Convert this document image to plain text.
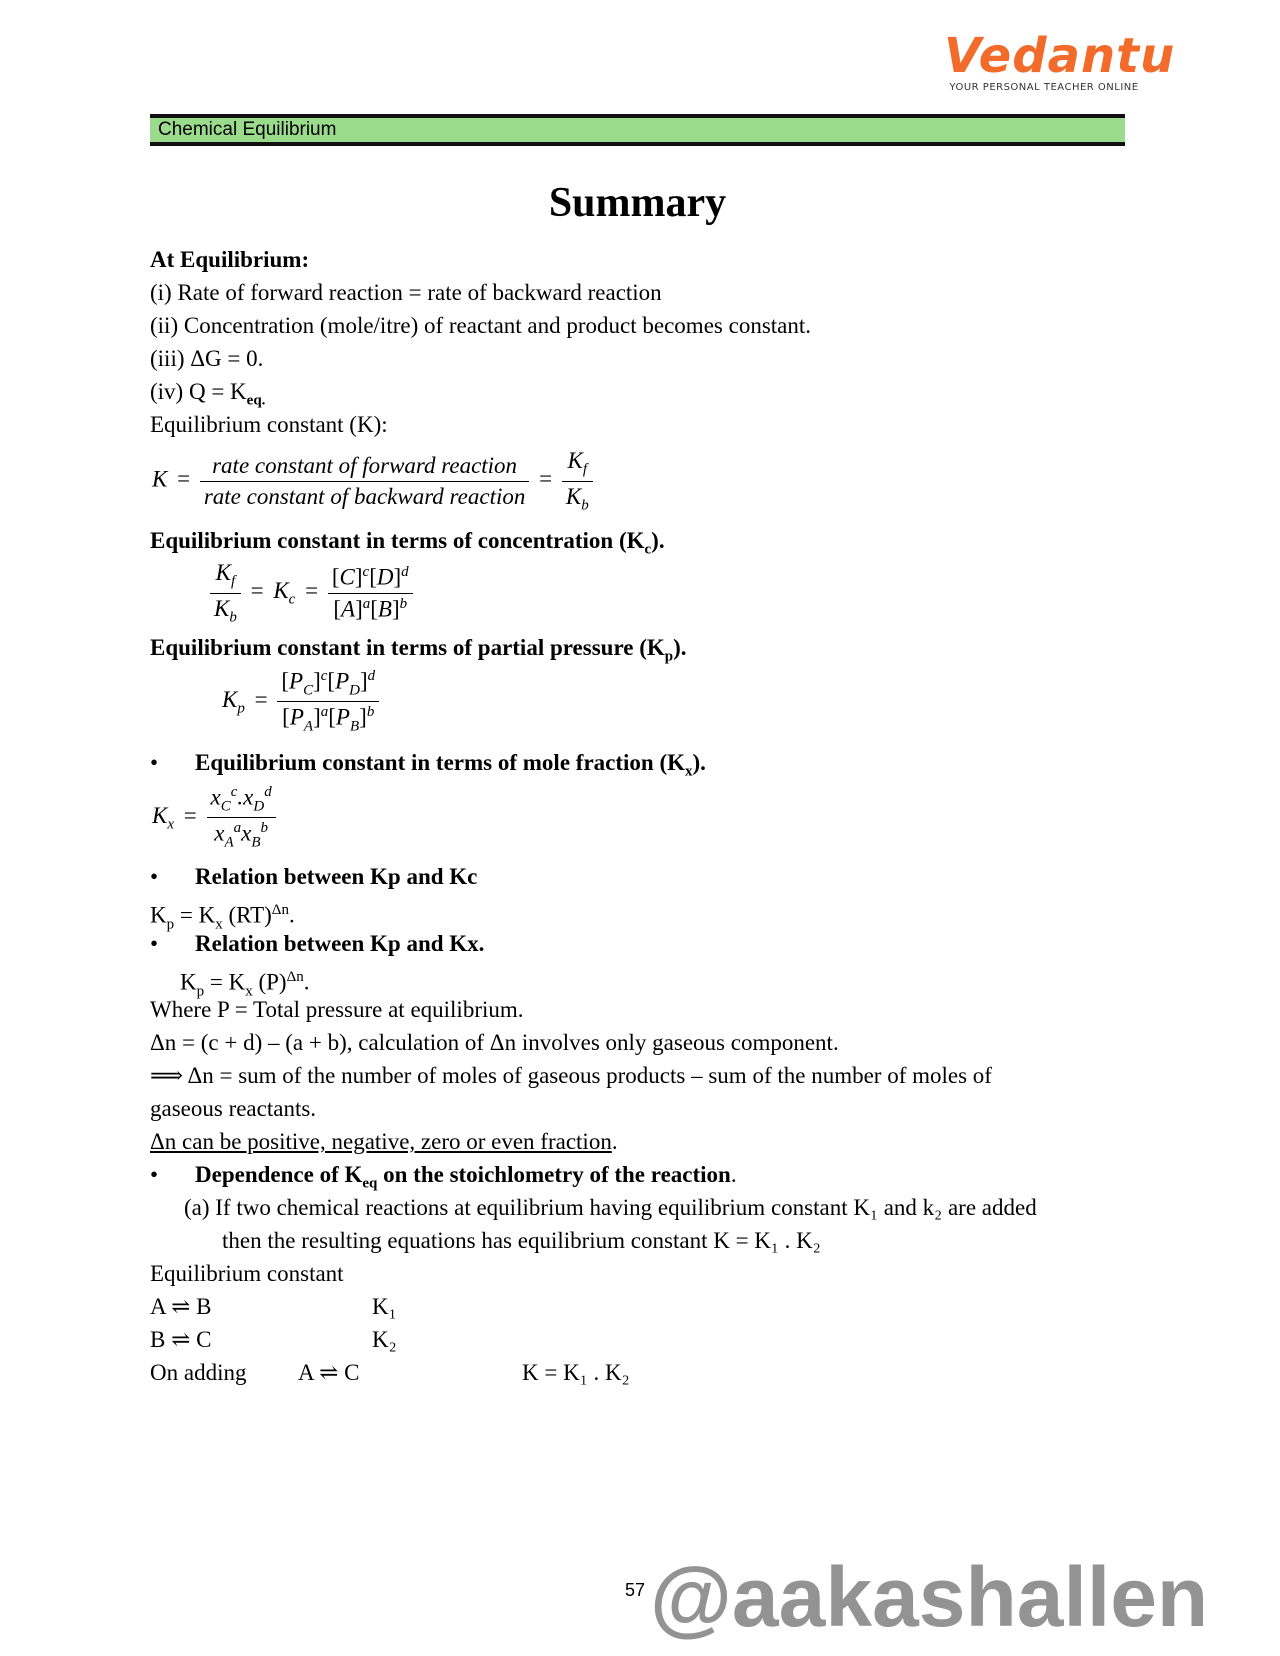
Vedantu
YOUR PERSONAL TEACHER ONLINE
Chemical Equilibrium
Summary
At Equilibrium:
(i) Rate of forward reaction = rate of backward reaction
(ii) Concentration (mole/itre) of reactant and product becomes constant.
(iii) ΔG = 0.
(iv) $Q = K_{eq.}$
Equilibrium constant (K):
$K = \frac{\text{rate constant of forward reaction}}{\text{rate constant of backward reaction}} = \frac{K_f}{K_b}$
Equilibrium constant in terms of concentration $(K_c)$.
$\frac{K_f}{K_b} = K_c = \frac{[C]^c[D]^d}{[A]^a[B]^b}$
Equilibrium constant in terms of partial pressure $(K_p)$.
$K_p = \frac{[P_C]^c[P_D]^d}{[P_A]^a[P_B]^b}$
• Equilibrium constant in terms of mole fraction $(K_x)$.
$K_x = \frac{x_C^c.x_D^d}{x_A^ax_B^b}$
• Relation between Kp and Kc
$K_p = K_x$ (RT)$^{\Delta n}$.
• Relation between Kp and Kx.
$K_p = K_x$ $(P)^{\Delta n}$.
Where P = Total pressure at equilibrium.
Δn = (c + d) – (a + b), calculation of Δn involves only gaseous component.
⟹ Δn = sum of the number of moles of gaseous products – sum of the number of moles of
gaseous reactants.
Δn can be positive, negative, zero or even fraction.
• Dependence of $K_{eq}$ on the stoichlometry of the reaction.
(a) If two chemical reactions at equilibrium having equilibrium constant K₁ and k₂ are added
then the resulting equations has equilibrium constant K = K₁ . K₂
Equilibrium constant
A ⇌ B	K₁
B ⇌ C	K₂
On adding A ⇌ C	K = K₁ . K₂
57 @aakashallen
